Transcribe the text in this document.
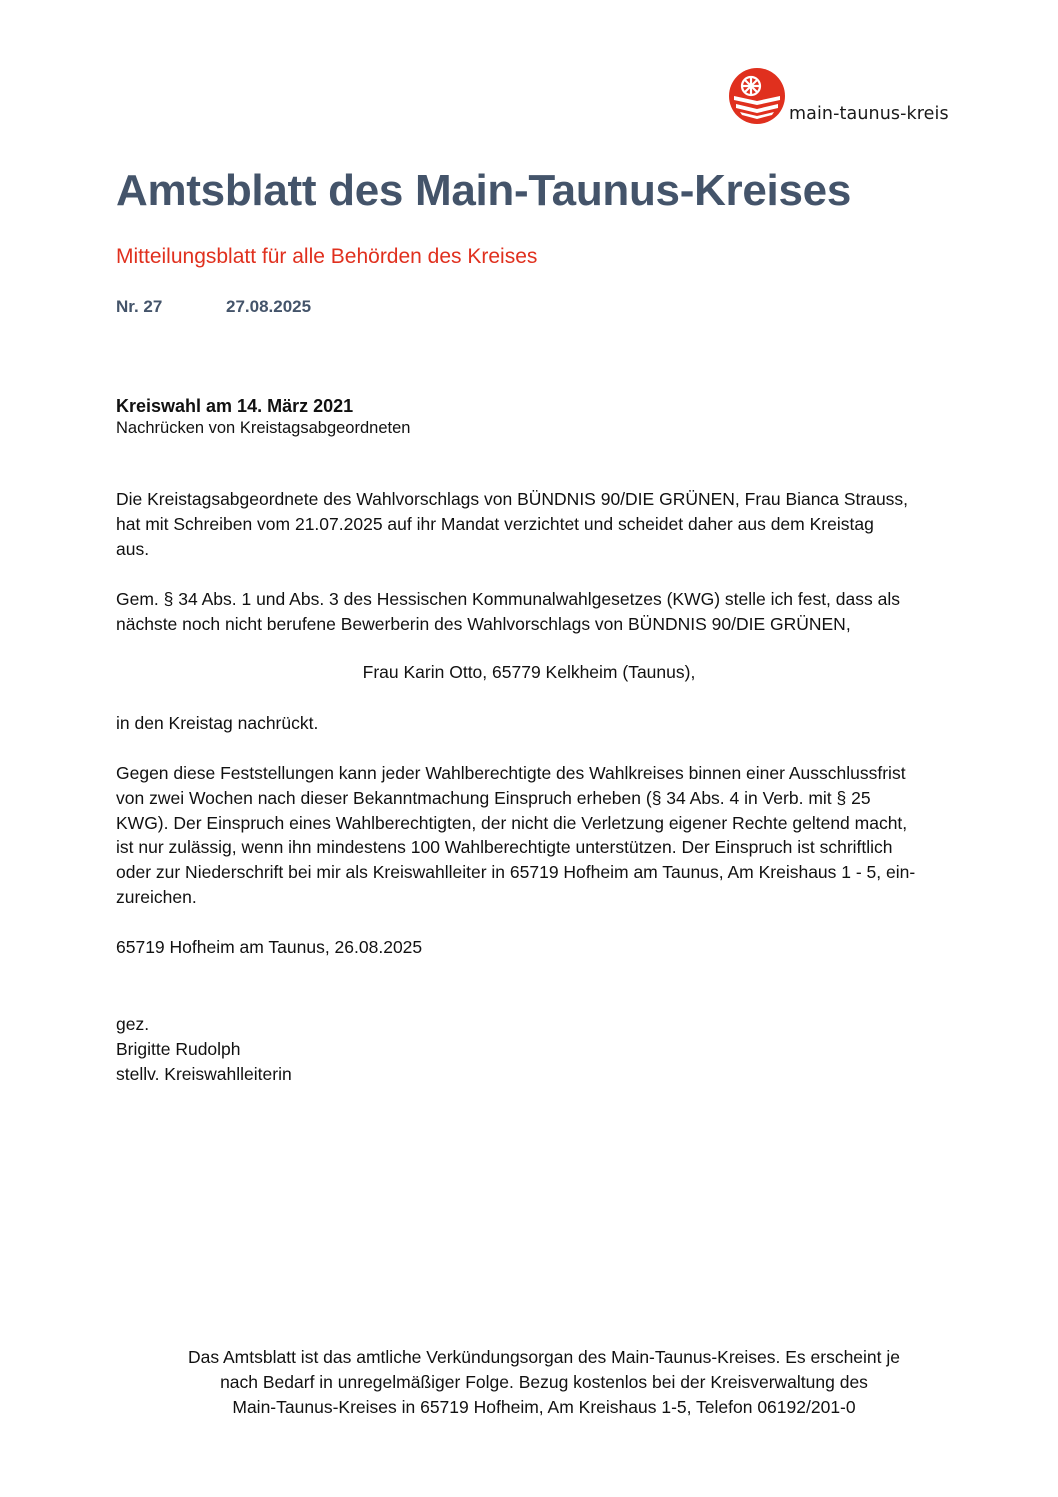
main-taunus-kreis
Amtsblatt des Main-Taunus-Kreises
Mitteilungsblatt für alle Behörden des Kreises
Nr. 27	27.08.2025
Kreiswahl am 14. März 2021
Nachrücken von Kreistagsabgeordneten
Die Kreistagsabgeordnete des Wahlvorschlags von BÜNDNIS 90/DIE GRÜNEN, Frau Bianca Strauss,
hat mit Schreiben vom 21.07.2025 auf ihr Mandat verzichtet und scheidet daher aus dem Kreistag
aus.
Gem. § 34 Abs. 1 und Abs. 3 des Hessischen Kommunalwahlgesetzes (KWG) stelle ich fest, dass als
nächste noch nicht berufene Bewerberin des Wahlvorschlags von BÜNDNIS 90/DIE GRÜNEN,
Frau Karin Otto, 65779 Kelkheim (Taunus),
in den Kreistag nachrückt.
Gegen diese Feststellungen kann jeder Wahlberechtigte des Wahlkreises binnen einer Ausschlussfrist
von zwei Wochen nach dieser Bekanntmachung Einspruch erheben (§ 34 Abs. 4 in Verb. mit § 25
KWG). Der Einspruch eines Wahlberechtigten, der nicht die Verletzung eigener Rechte geltend macht,
ist nur zulässig, wenn ihn mindestens 100 Wahlberechtigte unterstützen. Der Einspruch ist schriftlich
oder zur Niederschrift bei mir als Kreiswahlleiter in 65719 Hofheim am Taunus, Am Kreishaus 1 - 5, ein-
zureichen.
65719 Hofheim am Taunus, 26.08.2025
gez.
Brigitte Rudolph
stellv. Kreiswahlleiterin
Das Amtsblatt ist das amtliche Verkündungsorgan des Main-Taunus-Kreises. Es erscheint je
nach Bedarf in unregelmäßiger Folge. Bezug kostenlos bei der Kreisverwaltung des
Main-Taunus-Kreises in 65719 Hofheim, Am Kreishaus 1-5, Telefon 06192/201-0
